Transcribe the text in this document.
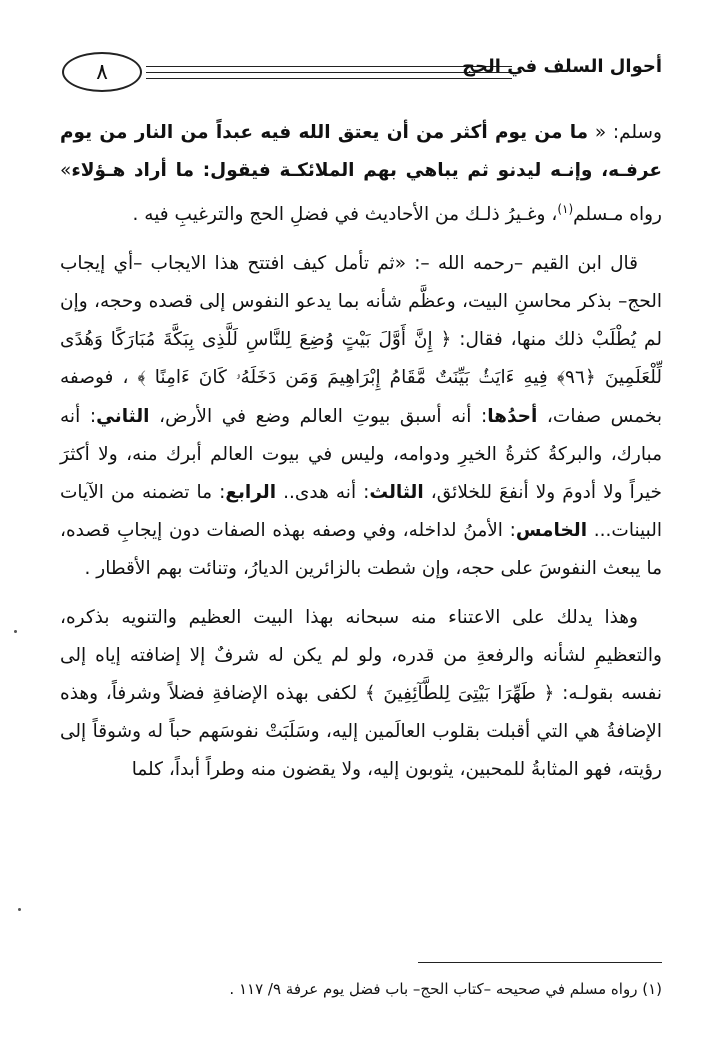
٨	أحوال السلف في الحج

وسلم: « ما من يوم أكثر من أن يعتق الله فيه عبداً من النار من يوم عرفـه، وإنـه ليدنو ثم يباهي بهم الملائكـة فيقول: ما أراد هـؤلاء» رواه مـسلم$^{(١)}$، وغـيرُ ذلـك من الأحاديث في فضلِ الحج والترغيبِ فيه .

قال ابن القيم –رحمه الله –: «ثم تأمل كيف افتتح هذا الايجاب –أي إيجاب الحج– بذكر محاسنِ البيت، وعظَّم شأنه بما يدعو النفوس إلى قصده وحجه، وإن لم يُطْلَبْ ذلك منها، فقال: ﴿ إِنَّ أَوَّلَ بَيْتٍ وُضِعَ لِلنَّاسِ لَلَّذِى بِبَكَّةَ مُبَارَكًا وَهُدًى لِّلْعَلَمِينَ ﴿٩٦﴾ فِيهِ ءَايَتُۢ بَيِّنَتٌ مَّقَامُ إِبْرَاهِيمَ وَمَن دَخَلَهُۥ كَانَ ءَامِنًا ﴾ ، فوصفه بخمس صفات، أحدُها: أنه أسبق بيوتِ العالم وضع في الأرض، الثاني: أنه مبارك، والبركةُ كثرةُ الخيرِ ودوامه، وليس في بيوت العالم أبرك منه، ولا أكثرَ خيراً ولا أدومَ ولا أنفعَ للخلائق، الثالث: أنه هدى.. الرابع: ما تضمنه من الآيات البينات... الخامس: الأمنُ لداخله، وفي وصفه بهذه الصفات دون إيجابِ قصده، ما يبعث النفوسَ على حجه، وإن شطت بالزائرين الديارُ، وتنائت بهم الأقطار .

وهذا يدلك على الاعتناء منه سبحانه بهذا البيت العظيم والتنويه بذكره، والتعظيمِ لشأنه والرفعةِ من قدره، ولو لم يكن له شرفٌ إلا إضافته إياه إلى نفسه بقولـه: ﴿ طَهِّرَا بَيْتِىَ لِلطَّآئِفِينَ ﴾ لكفى بهذه الإضافةِ فضلاً وشرفاً، وهذه الإضافةُ هي التي أقبلت بقلوب العالَمين إليه، وسَلَبَتْ نفوسَهم حباً له وشوقاً إلى رؤيته، فهو المثابةُ للمحبين، يثوبون إليه، ولا يقضون منه وطراً أبداً، كلما

(١) رواه مسلم في صحيحه –كتاب الحج– باب فضل يوم عرفة ٩/ ١١٧ .
